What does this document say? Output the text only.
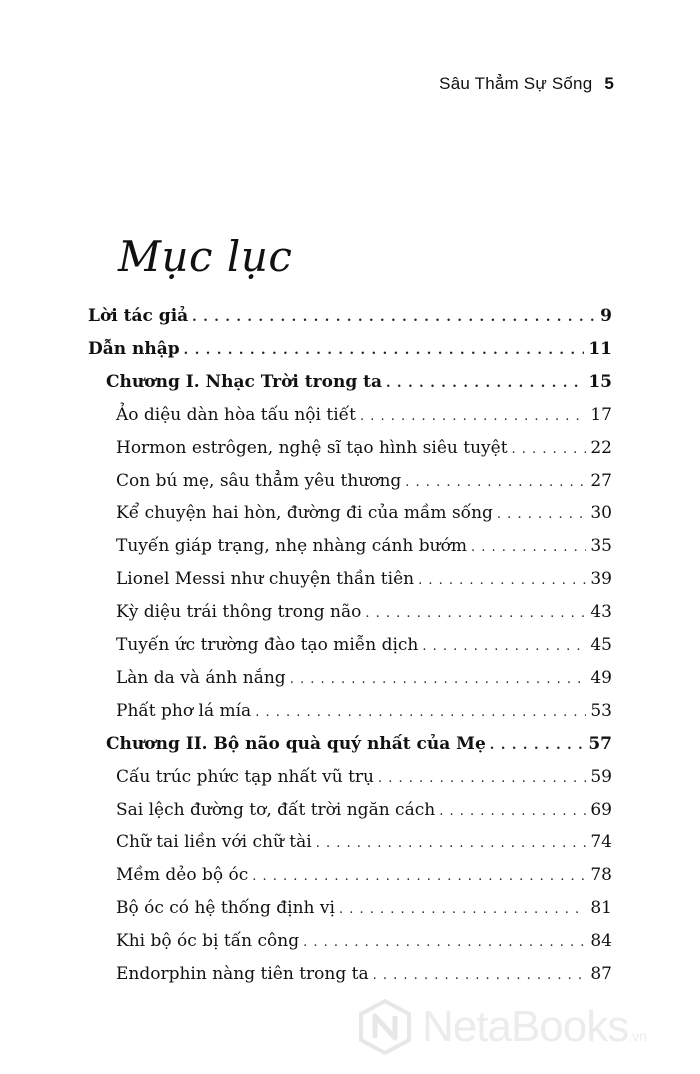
Sâu Thẳm Sự Sống 5
Mục lục
Lời tác giả . . .	9
Dẫn nhập . . .	11
Chương I. Nhạc Trời trong ta . . .	15
Ảo diệu dàn hòa tấu nội tiết . . .	17
Hormon estrôgen, nghệ sĩ tạo hình siêu tuyệt . . .	22
Con bú mẹ, sâu thẳm yêu thương . . .	27
Kể chuyện hai hòn, đường đi của mầm sống . . .	30
Tuyến giáp trạng, nhẹ nhàng cánh bướm . . .	35
Lionel Messi như chuyện thần tiên . . .	39
Kỳ diệu trái thông trong não . . .	43
Tuyến ức trường đào tạo miễn dịch . . .	45
Làn da và ánh nắng . . .	49
Phất phơ lá mía . . .	53
Chương II. Bộ não quà quý nhất của Mẹ . . .	57
Cấu trúc phức tạp nhất vũ trụ . . .	59
Sai lệch đường tơ, đất trời ngăn cách . . .	69
Chữ tai liền với chữ tài . . .	74
Mềm dẻo bộ óc . . .	78
Bộ óc có hệ thống định vị . . .	81
Khi bộ óc bị tấn công . . .	84
Endorphin nàng tiên trong ta . . .	87
NetaBooks.vn
